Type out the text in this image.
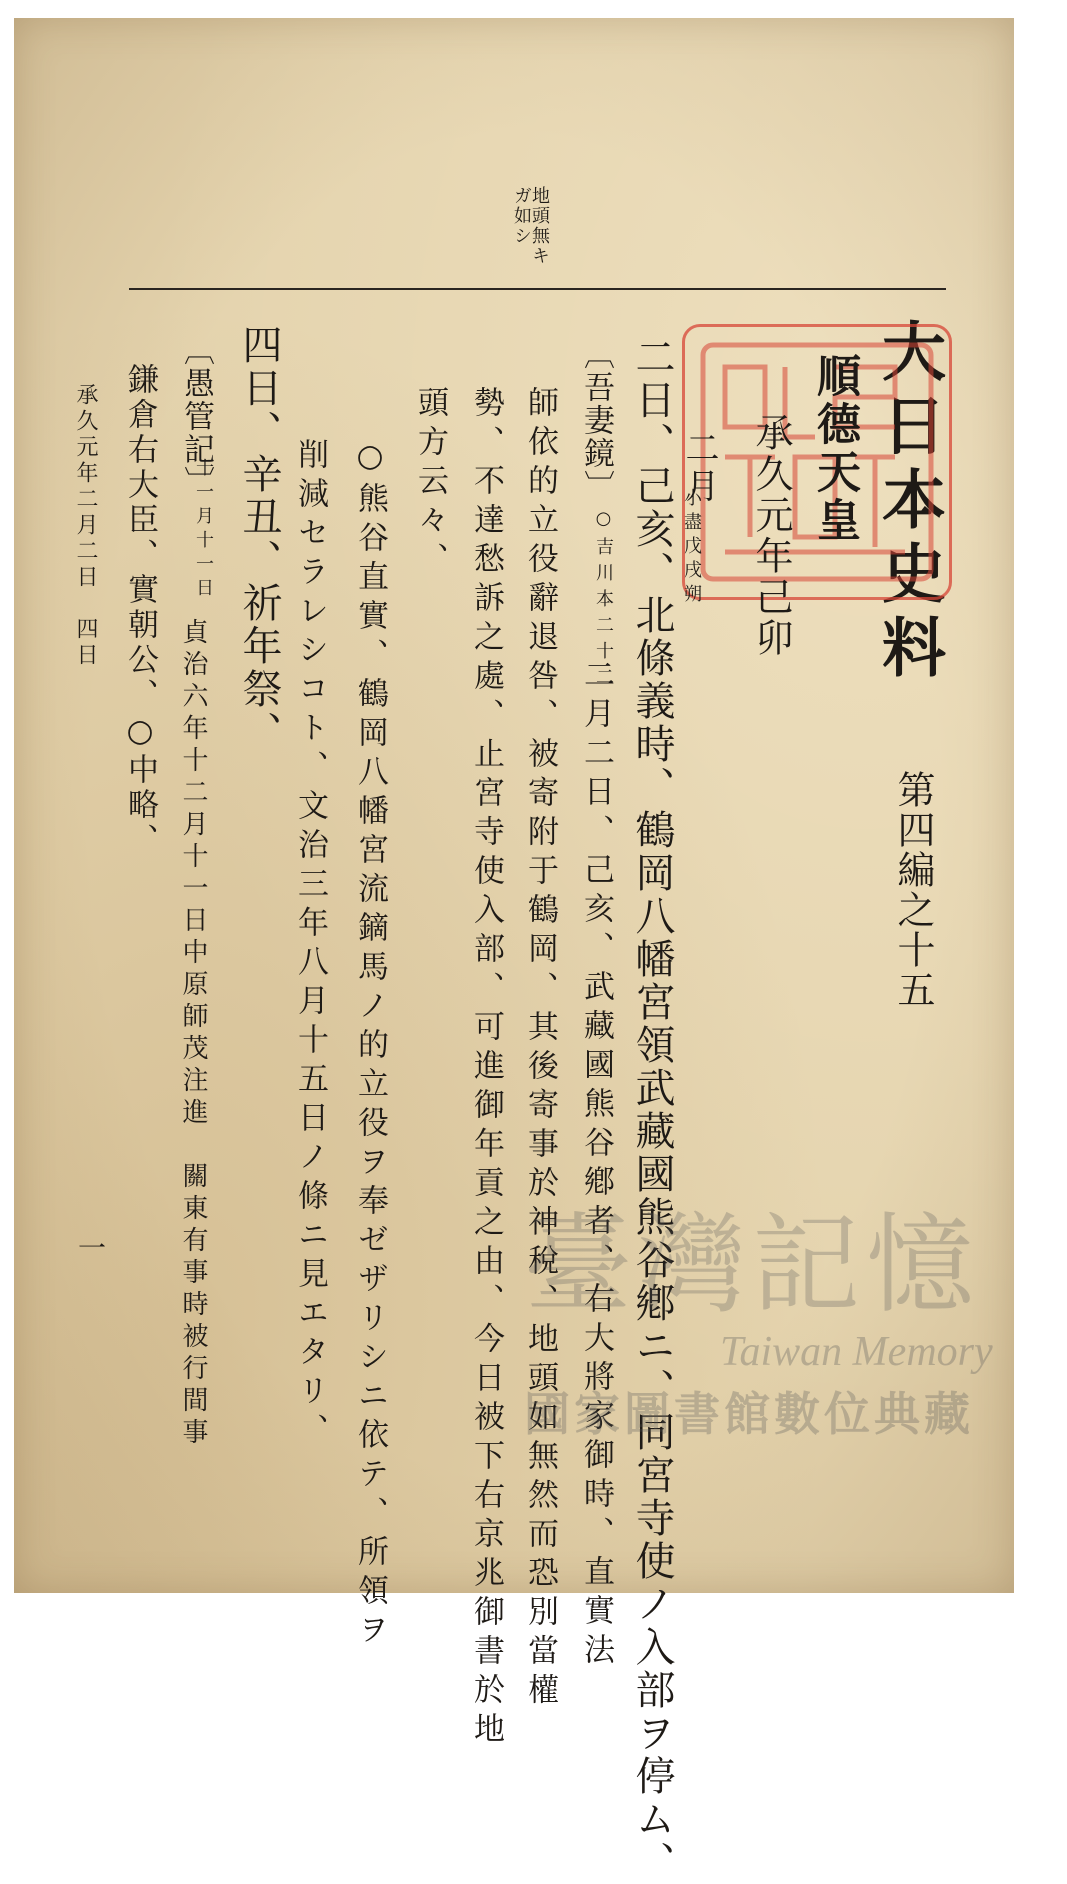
大日本史料
第四編之十五
順德天皇
承久元年己卯
二月
小盡戊戌朔
地頭無キ
ガ如シ
二日、己亥、北條義時、鶴岡八幡宮領武藏國熊谷鄕ニ、同宮寺使ノ入部ヲ停ム、
〔吾妻鏡〕
○吉川本二十二
二月二日、己亥、武藏國熊谷鄕者、右大將家御時、直實法
師依的立役辭退咎、被寄附于鶴岡、其後寄事於神稅、地頭如無然而恐別當權
勢、不達愁訴之處、止宮寺使入部、可進御年貢之由、今日被下右京兆御書於地
頭方云々、
○熊谷直實、鶴岡八幡宮流鏑馬ノ的立役ヲ奉ゼザリシニ依テ、所領ヲ
削減セラレシコト、文治三年八月十五日ノ條ニ見エタリ、
四日、辛丑、祈年祭、
〔愚管記〕
十一月十一日
貞治六年十二月十一日中原師茂注進　關東有事時被行間事
鎌倉右大臣、實朝公、○中略、
承久元年二月二日　四日
一	臺灣記憶
Taiwan Memory
國家圖書館數位典藏
